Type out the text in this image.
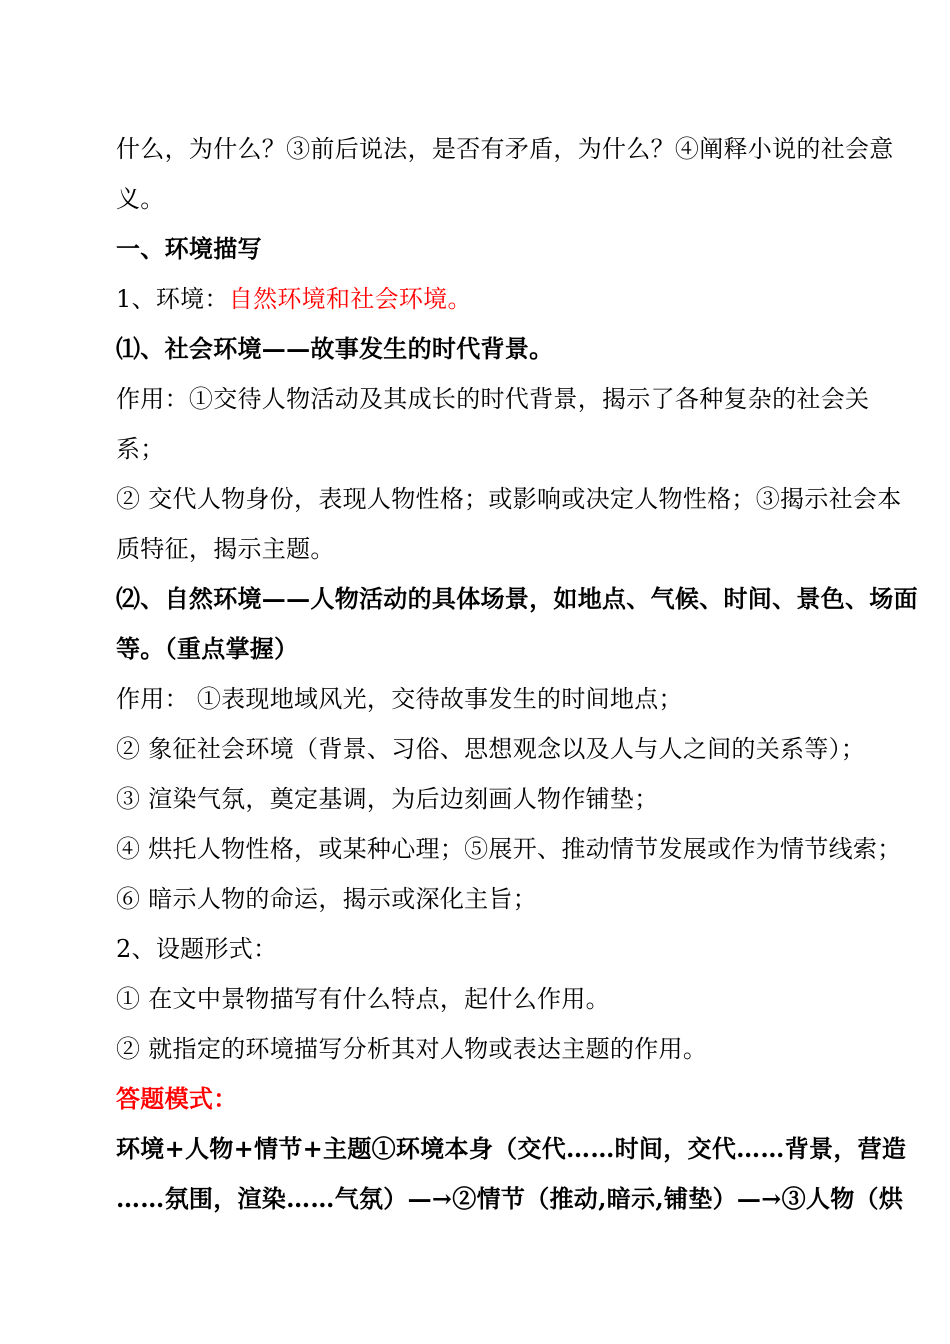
什么，为什么？③前后说法，是否有矛盾，为什么？④阐释小说的社会意
义。
一、环境描写
1、环境：自然环境和社会环境。
⑴、社会环境——故事发生的时代背景。
作用：①交待人物活动及其成长的时代背景，揭示了各种复杂的社会关
系；
② 交代人物身份，表现人物性格；或影响或决定人物性格；③揭示社会本
质特征，揭示主题。
⑵、自然环境——人物活动的具体场景，如地点、气候、时间、景色、场面
等。（重点掌握）
作用： ①表现地域风光，交待故事发生的时间地点；
② 象征社会环境（背景、习俗、思想观念以及人与人之间的关系等）；
③ 渲染气氛，奠定基调，为后边刻画人物作铺垫；
④ 烘托人物性格，或某种心理；⑤展开、推动情节发展或作为情节线索；
⑥ 暗示人物的命运，揭示或深化主旨；
2、设题形式：
① 在文中景物描写有什么特点，起什么作用。
② 就指定的环境描写分析其对人物或表达主题的作用。
答题模式：
环境+人物+情节+主题①环境本身（交代……时间，交代……背景，营造
……氛围，渲染……气氛）—→②情节（推动,暗示,铺垫）—→③人物（烘
